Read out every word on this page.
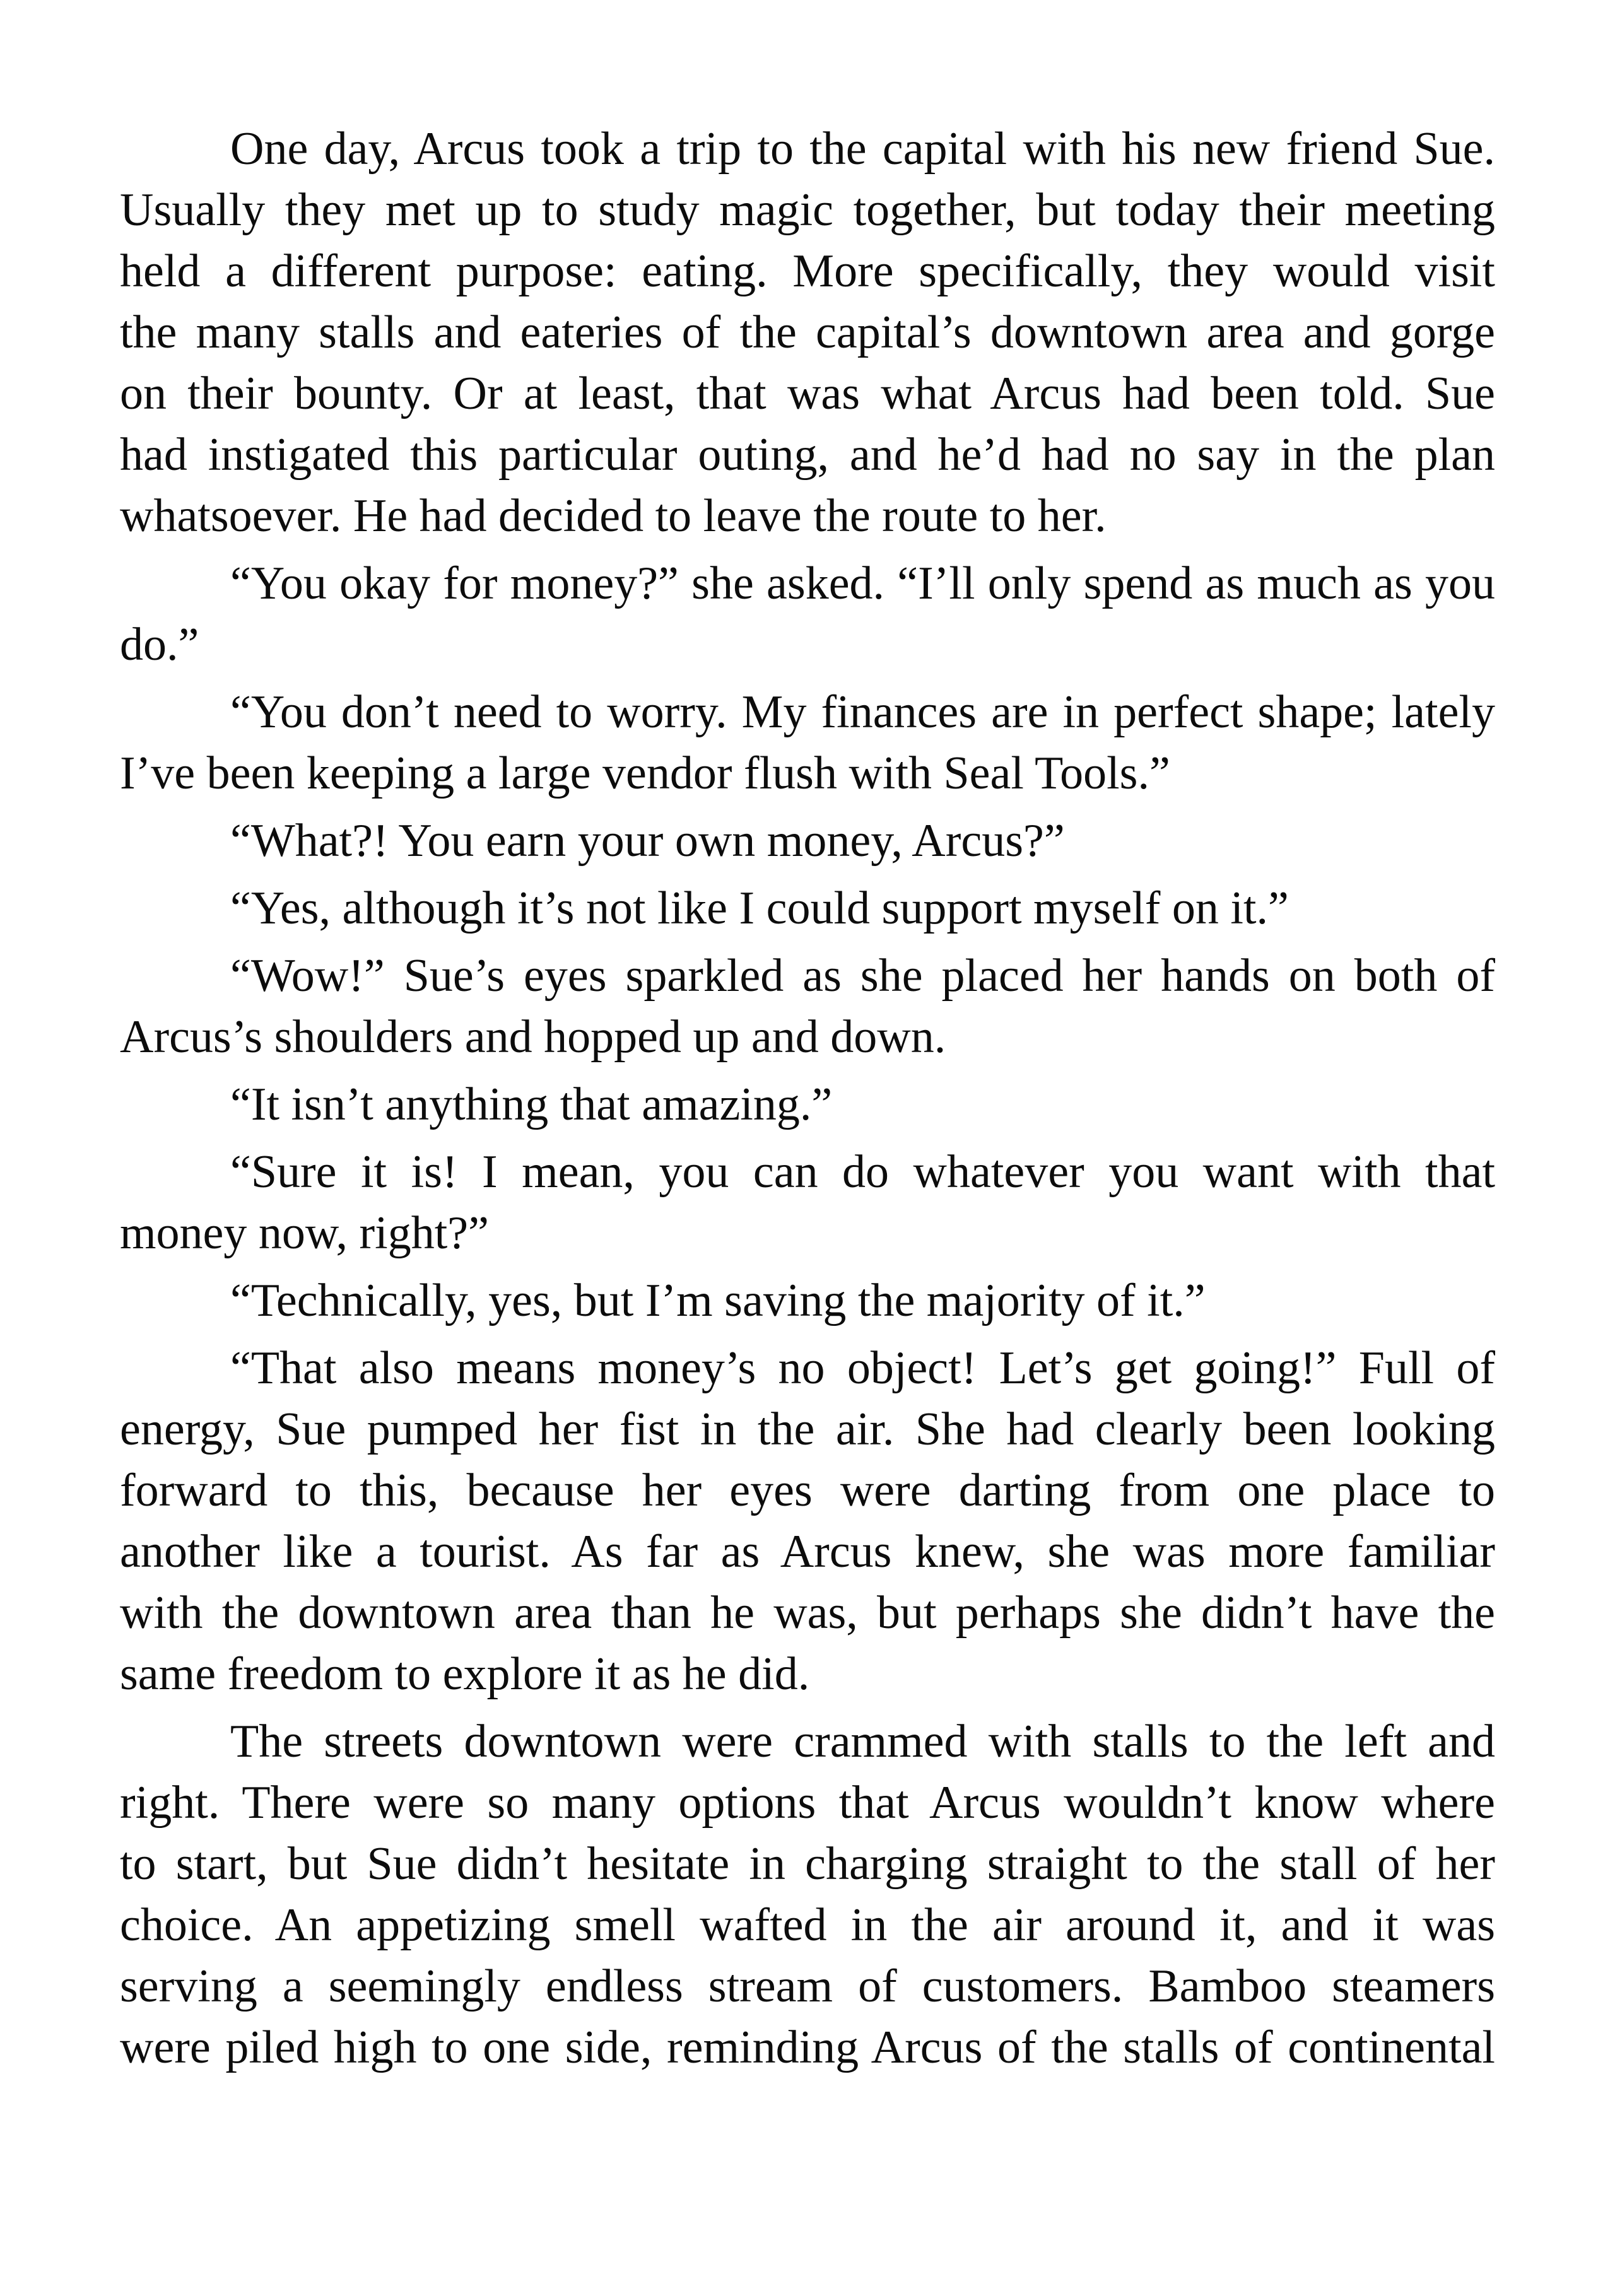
One day, Arcus took a trip to the capital with his new friend Sue.
Usually they met up to study magic together, but today their meeting
held a different purpose: eating. More specifically, they would visit
the many stalls and eateries of the capital’s downtown area and gorge
on their bounty. Or at least, that was what Arcus had been told. Sue
had instigated this particular outing, and he’d had no say in the plan
whatsoever. He had decided to leave the route to her.

“You okay for money?” she asked. “I’ll only spend as much as you
do.”

“You don’t need to worry. My finances are in perfect shape; lately
I’ve been keeping a large vendor flush with Seal Tools.”

“What?! You earn your own money, Arcus?”

“Yes, although it’s not like I could support myself on it.”

“Wow!” Sue’s eyes sparkled as she placed her hands on both of
Arcus’s shoulders and hopped up and down.

“It isn’t anything that amazing.”

“Sure it is! I mean, you can do whatever you want with that
money now, right?”

“Technically, yes, but I’m saving the majority of it.”

“That also means money’s no object! Let’s get going!” Full of
energy, Sue pumped her fist in the air. She had clearly been looking
forward to this, because her eyes were darting from one place to
another like a tourist. As far as Arcus knew, she was more familiar
with the downtown area than he was, but perhaps she didn’t have the
same freedom to explore it as he did.

The streets downtown were crammed with stalls to the left and
right. There were so many options that Arcus wouldn’t know where
to start, but Sue didn’t hesitate in charging straight to the stall of her
choice. An appetizing smell wafted in the air around it, and it was
serving a seemingly endless stream of customers. Bamboo steamers
were piled high to one side, reminding Arcus of the stalls of continental
